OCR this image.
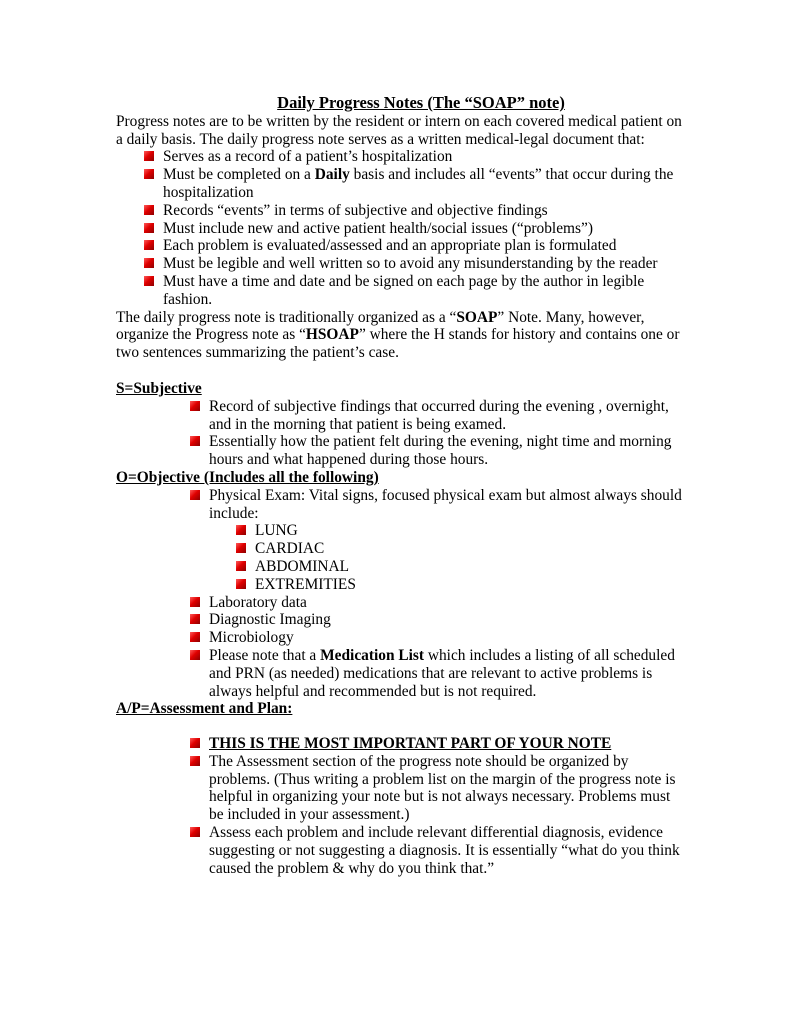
Daily Progress Notes (The “SOAP” note)

Progress notes are to be written by the resident or intern on each covered medical patient on a daily basis. The daily progress note serves as a written medical-legal document that:

Serves as a record of a patient’s hospitalization
Must be completed on a Daily basis and includes all “events” that occur during the hospitalization
Records “events” in terms of subjective and objective findings
Must include new and active patient health/social issues (“problems”)
Each problem is evaluated/assessed and an appropriate plan is formulated
Must be legible and well written so to avoid any misunderstanding by the reader
Must have a time and date and be signed on each page by the author in legible fashion.

The daily progress note is traditionally organized as a “SOAP” Note. Many, however, organize the Progress note as “HSOAP” where the H stands for history and contains one or two sentences summarizing the patient’s case.

S=Subjective
Record of subjective findings that occurred during the evening , overnight, and in the morning that patient is being examed.
Essentially how the patient felt during the evening, night time and morning hours and what happened during those hours.
O=Objective (Includes all the following)
Physical Exam: Vital signs, focused physical exam but almost always should include:
LUNG
CARDIAC
ABDOMINAL
EXTREMITIES
Laboratory data
Diagnostic Imaging
Microbiology
Please note that a Medication List which includes a listing of all scheduled and PRN (as needed) medications that are relevant to active problems is always helpful and recommended but is not required.
A/P=Assessment and Plan:
THIS IS THE MOST IMPORTANT PART OF YOUR NOTE
The Assessment section of the progress note should be organized by problems. (Thus writing a problem list on the margin of the progress note is helpful in organizing your note but is not always necessary. Problems must be included in your assessment.)
Assess each problem and include relevant differential diagnosis, evidence suggesting or not suggesting a diagnosis. It is essentially “what do you think caused the problem & why do you think that.”
